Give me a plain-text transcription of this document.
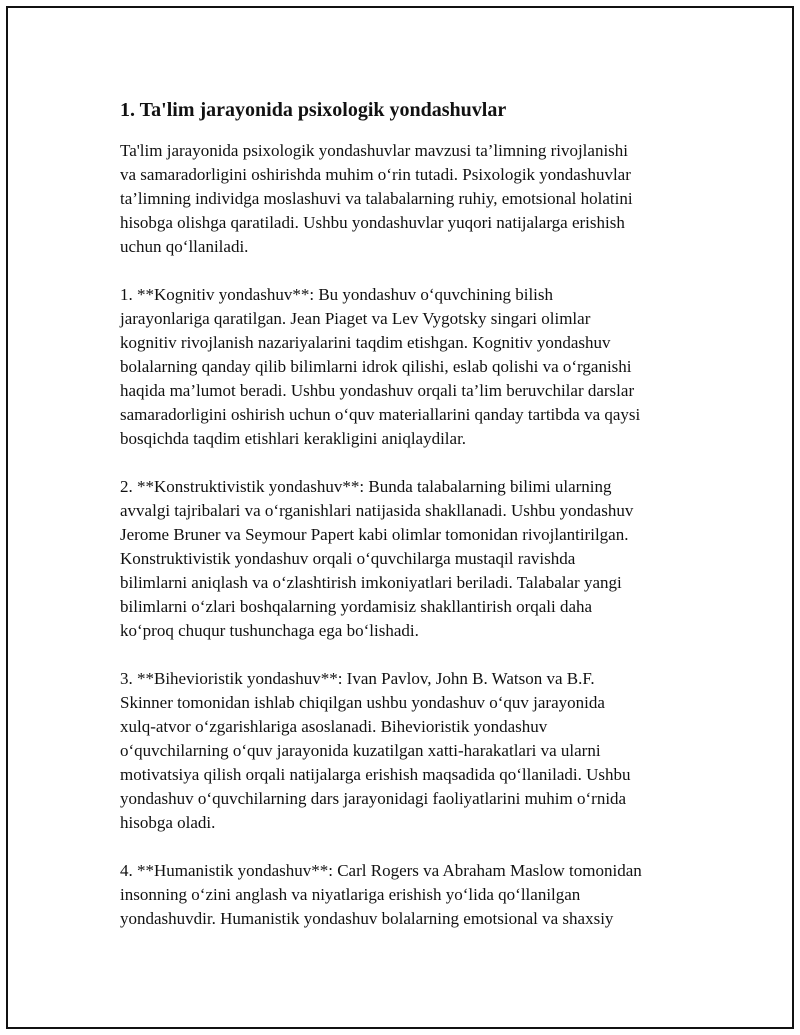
1. Ta'lim jarayonida psixologik yondashuvlar

Ta'lim jarayonida psixologik yondashuvlar mavzusi ta’limning rivojlanishi
va samaradorligini oshirishda muhim o‘rin tutadi. Psixologik yondashuvlar
ta’limning individga moslashuvi va talabalarning ruhiy, emotsional holatini
hisobga olishga qaratiladi. Ushbu yondashuvlar yuqori natijalarga erishish
uchun qo‘llaniladi.

1. **Kognitiv yondashuv**: Bu yondashuv o‘quvchining bilish
jarayonlariga qaratilgan. Jean Piaget va Lev Vygotsky singari olimlar
kognitiv rivojlanish nazariyalarini taqdim etishgan. Kognitiv yondashuv
bolalarning qanday qilib bilimlarni idrok qilishi, eslab qolishi va o‘rganishi
haqida ma’lumot beradi. Ushbu yondashuv orqali ta’lim beruvchilar darslar
samaradorligini oshirish uchun o‘quv materiallarini qanday tartibda va qaysi
bosqichda taqdim etishlari kerakligini aniqlaydilar.

2. **Konstruktivistik yondashuv**: Bunda talabalarning bilimi ularning
avvalgi tajribalari va o‘rganishlari natijasida shakllanadi. Ushbu yondashuv
Jerome Bruner va Seymour Papert kabi olimlar tomonidan rivojlantirilgan.
Konstruktivistik yondashuv orqali o‘quvchilarga mustaqil ravishda
bilimlarni aniqlash va o‘zlashtirish imkoniyatlari beriladi. Talabalar yangi
bilimlarni o‘zlari boshqalarning yordamisiz shakllantirish orqali daha
ko‘proq chuqur tushunchaga ega bo‘lishadi.

3. **Bihevioristik yondashuv**: Ivan Pavlov, John B. Watson va B.F.
Skinner tomonidan ishlab chiqilgan ushbu yondashuv o‘quv jarayonida
xulq-atvor o‘zgarishlariga asoslanadi. Bihevioristik yondashuv
o‘quvchilarning o‘quv jarayonida kuzatilgan xatti-harakatlari va ularni
motivatsiya qilish orqali natijalarga erishish maqsadida qo‘llaniladi. Ushbu
yondashuv o‘quvchilarning dars jarayonidagi faoliyatlarini muhim o‘rnida
hisobga oladi.

4. **Humanistik yondashuv**: Carl Rogers va Abraham Maslow tomonidan
insonning o‘zini anglash va niyatlariga erishish yo‘lida qo‘llanilgan
yondashuvdir. Humanistik yondashuv bolalarning emotsional va shaxsiy
